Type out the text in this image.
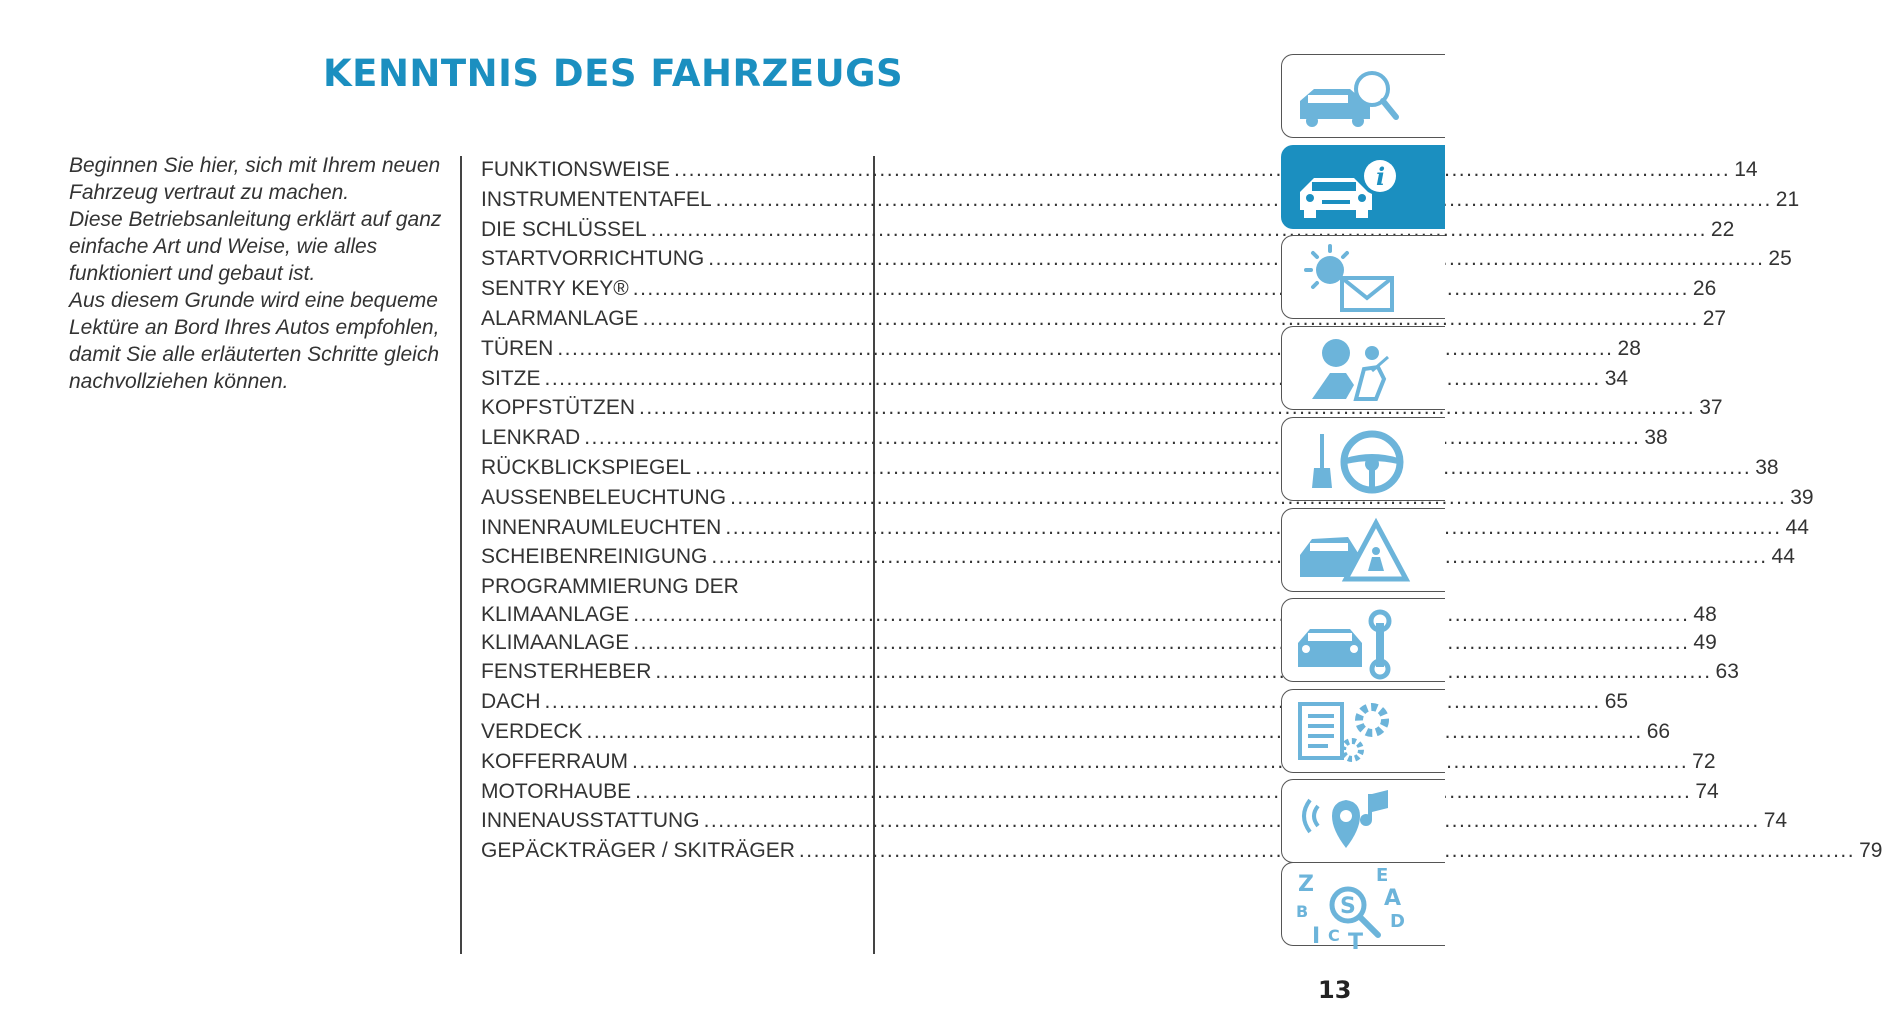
KENNTNIS DES FAHRZEUGS

Beginnen Sie hier, sich mit Ihrem neuen Fahrzeug vertraut zu machen.

Diese Betriebsanleitung erklärt auf ganz einfache Art und Weise, wie alles funktioniert und gebaut ist.

Aus diesem Grunde wird eine bequeme Lektüre an Bord Ihres Autos empfohlen, damit Sie alle erläuterten Schritte gleich nachvollziehen können.

FUNKTIONSWEISE .....	14
INSTRUMENTENTAFEL .....	21
DIE SCHLÜSSEL .....	22
STARTVORRICHTUNG .....	25
SENTRY KEY® .....	26
ALARMANLAGE .....	27
TÜREN .....	28
SITZE .....	34
KOPFSTÜTZEN .....	37
LENKRAD .....	38
RÜCKBLICKSPIEGEL .....	38
AUSSENBELEUCHTUNG .....	39
INNENRAUMLEUCHTEN .....	44
SCHEIBENREINIGUNG .....	44
PROGRAMMIERUNG DER
KLIMAANLAGE .....	48
KLIMAANLAGE .....	49
FENSTERHEBER .....	63
DACH .....	65
VERDECK .....	66
KOFFERRAUM .....	72
MOTORHAUBE .....	74
INNENAUSSTATTUNG .....	74
GEPÄCKTRÄGER / SKITRÄGER .....	79
i
S
Z	E
A
B	D
I C T
13
